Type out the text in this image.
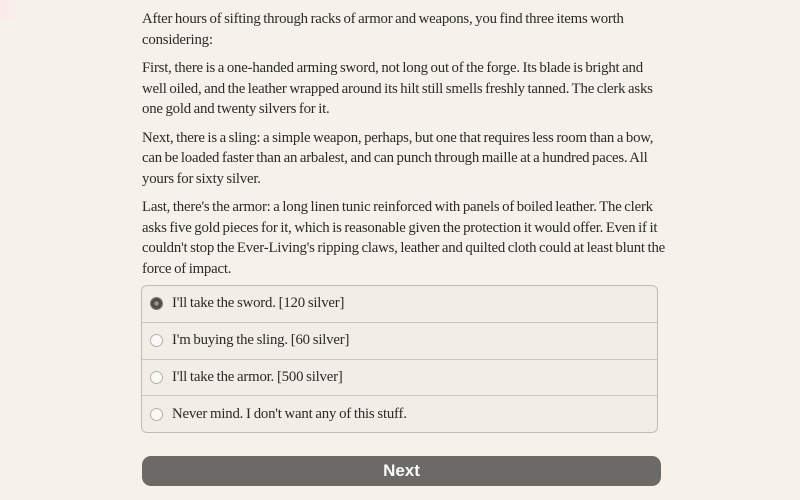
After hours of sifting through racks of armor and weapons, you find three items worth considering:

First, there is a one-handed arming sword, not long out of the forge. Its blade is bright and well oiled, and the leather wrapped around its hilt still smells freshly tanned. The clerk asks one gold and twenty silvers for it.

Next, there is a sling: a simple weapon, perhaps, but one that requires less room than a bow, can be loaded faster than an arbalest, and can punch through maille at a hundred paces. All yours for sixty silver.

Last, there's the armor: a long linen tunic reinforced with panels of boiled leather. The clerk asks five gold pieces for it, which is reasonable given the protection it would offer. Even if it couldn't stop the Ever-Living's ripping claws, leather and quilted cloth could at least blunt the force of impact.

I'll take the sword. [120 silver]
I'm buying the sling. [60 silver]
I'll take the armor. [500 silver]
Never mind. I don't want any of this stuff.
Next
